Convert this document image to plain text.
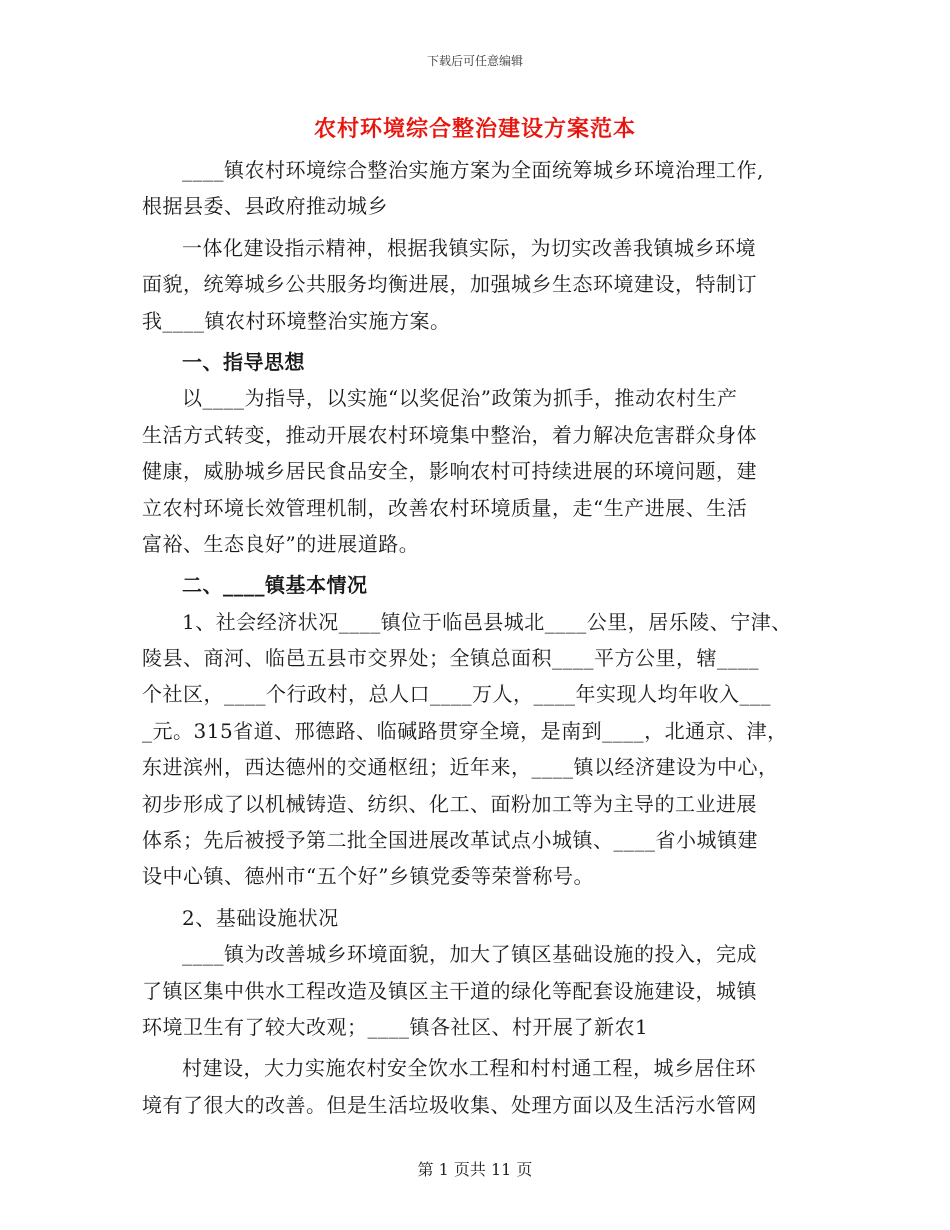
下载后可任意编辑
农村环境综合整治建设方案范本
____镇农村环境综合整治实施方案为全面统筹城乡环境治理工作,
根据县委、县政府推动城乡
一体化建设指示精神，根据我镇实际，为切实改善我镇城乡环境
面貌，统筹城乡公共服务均衡进展，加强城乡生态环境建设，特制订
我____镇农村环境整治实施方案。
一、指导思想
以____为指导，以实施“以奖促治”政策为抓手，推动农村生产
生活方式转变，推动开展农村环境集中整治，着力解决危害群众身体
健康，威胁城乡居民食品安全，影响农村可持续进展的环境问题，建
立农村环境长效管理机制，改善农村环境质量，走“生产进展、生活
富裕、生态良好”的进展道路。
二、____镇基本情况
1、社会经济状况____镇位于临邑县城北____公里，居乐陵、宁津、
陵县、商河、临邑五县市交界处；全镇总面积____平方公里，辖____
个社区，____个行政村，总人口____万人，____年实现人均年收入___
_元。315省道、邢德路、临碱路贯穿全境，是南到____，北通京、津，
东进滨州，西达德州的交通枢纽；近年来，____镇以经济建设为中心，
初步形成了以机械铸造、纺织、化工、面粉加工等为主导的工业进展
体系；先后被授予第二批全国进展改革试点小城镇、____省小城镇建
设中心镇、德州市“五个好”乡镇党委等荣誉称号。
2、基础设施状况
____镇为改善城乡环境面貌，加大了镇区基础设施的投入，完成
了镇区集中供水工程改造及镇区主干道的绿化等配套设施建设，城镇
环境卫生有了较大改观；____镇各社区、村开展了新农1
村建设，大力实施农村安全饮水工程和村村通工程，城乡居住环
境有了很大的改善。但是生活垃圾收集、处理方面以及生活污水管网
第 1 页共 11 页
